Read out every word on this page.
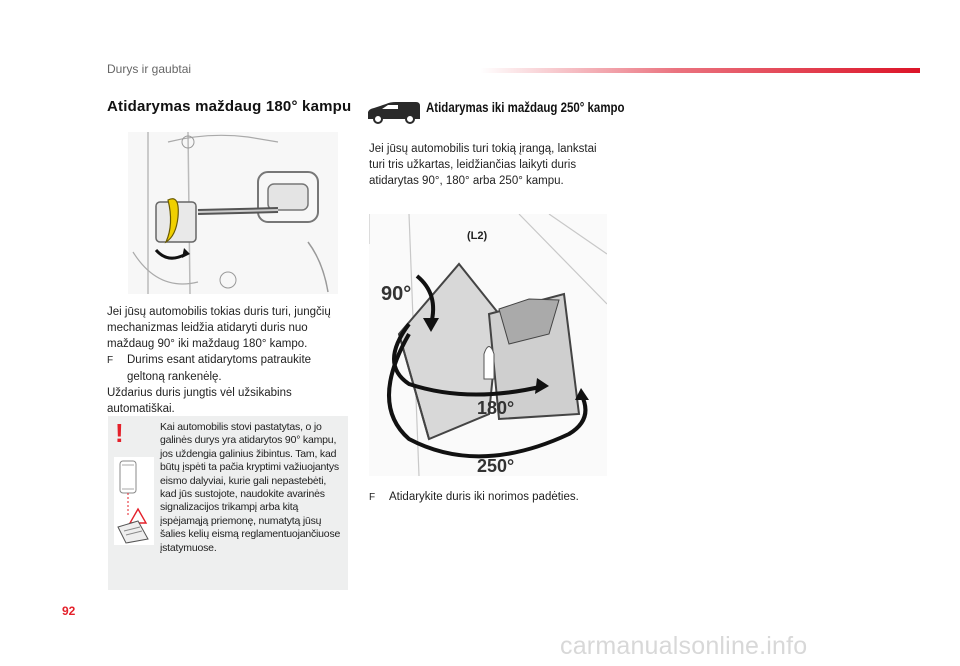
Durys ir gaubtai
Atidarymas maždaug 180° kampu	Atidarymas iki maždaug 250° kampo

Jei jūsų automobilis tokias duris turi, jungčių mechanizmas leidžia atidaryti duris nuo maždaug 90° iki maždaug 180° kampo.

F Durims esant atidarytoms patraukite geltoną rankenėlę.

Uždarius duris jungtis vėl užsikabins automatiškai.

!	Kai automobilis stovi pastatytas, o jo galinės durys yra atidarytos 90° kampu, jos uždengia galinius žibintus. Tam, kad būtų įspėti ta pačia kryptimi važiuojantys eismo dalyviai, kurie gali nepastebėti, kad jūs sustojote, naudokite avarinės signalizacijos trikampį arba kitą įspėjamąją priemonę, numatytą jūsų šalies kelių eismą reglamentuojančiuose įstatymuose.
Jei jūsų automobilis turi tokią įrangą, lankstai turi tris užkartas, leidžiančias laikyti duris atidarytas 90°, 180° arba 250° kampu.
(L2)
90°
180°
250°
F Atidarykite duris iki norimos padėties.
92
carmanualsonline.info
